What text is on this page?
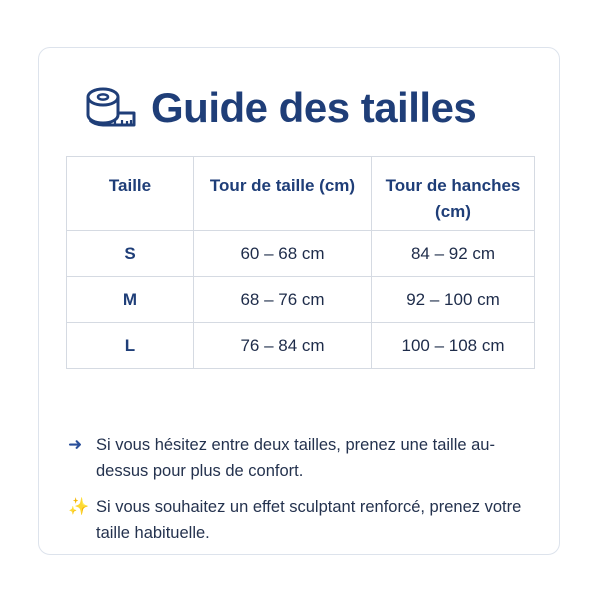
Guide des tailles
Taille	Tour de taille (cm)	Tour de hanches (cm)
S	60 – 68 cm	84 – 92 cm
M	68 – 76 cm	92 – 100 cm
L	76 – 84 cm	100 – 108 cm
➜ Si vous hésitez entre deux tailles, prenez une taille au-dessus pour plus de confort.
✨ Si vous souhaitez un effet sculptant renforcé, prenez votre taille habituelle.
